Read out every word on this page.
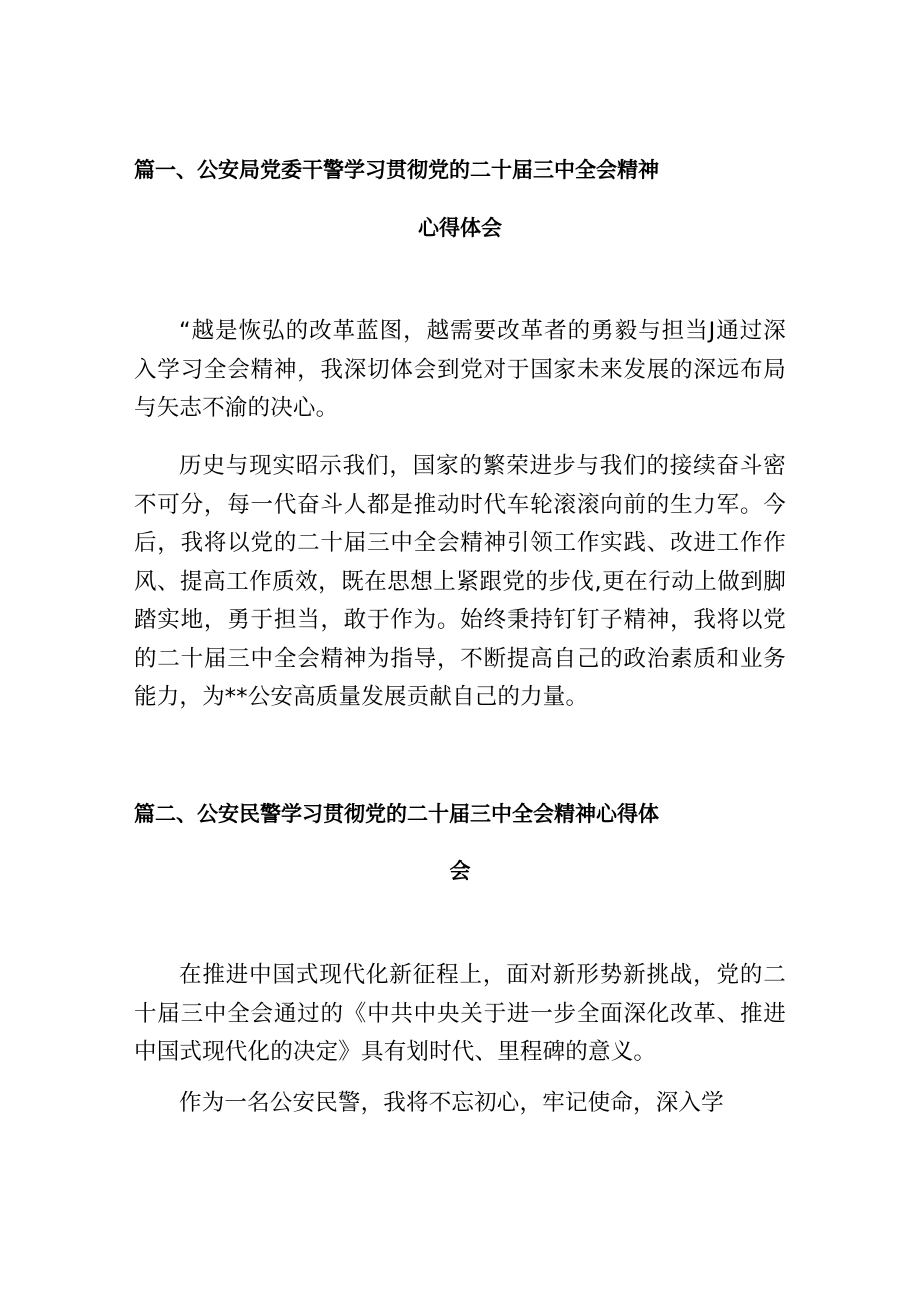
篇一、公安局党委干警学习贯彻党的二十届三中全会精神
心得体会

“越是恢弘的改革蓝图，越需要改革者的勇毅与担当J通过深入学习全会精神，我深切体会到党对于国家未来发展的深远布局与矢志不渝的决心。

历史与现实昭示我们，国家的繁荣进步与我们的接续奋斗密不可分，每一代奋斗人都是推动时代车轮滚滚向前的生力军。今后，我将以党的二十届三中全会精神引领工作实践、改进工作作风、提高工作质效，既在思想上紧跟党的步伐,更在行动上做到脚踏实地，勇于担当，敢于作为。始终秉持钉钉子精神，我将以党的二十届三中全会精神为指导，不断提高自己的政治素质和业务能力，为**公安高质量发展贡献自己的力量。

篇二、公安民警学习贯彻党的二十届三中全会精神心得体
会

在推进中国式现代化新征程上，面对新形势新挑战，党的二十届三中全会通过的《中共中央关于进一步全面深化改革、推进中国式现代化的决定》具有划时代、里程碑的意义。

作为一名公安民警，我将不忘初心，牢记使命，深入学
